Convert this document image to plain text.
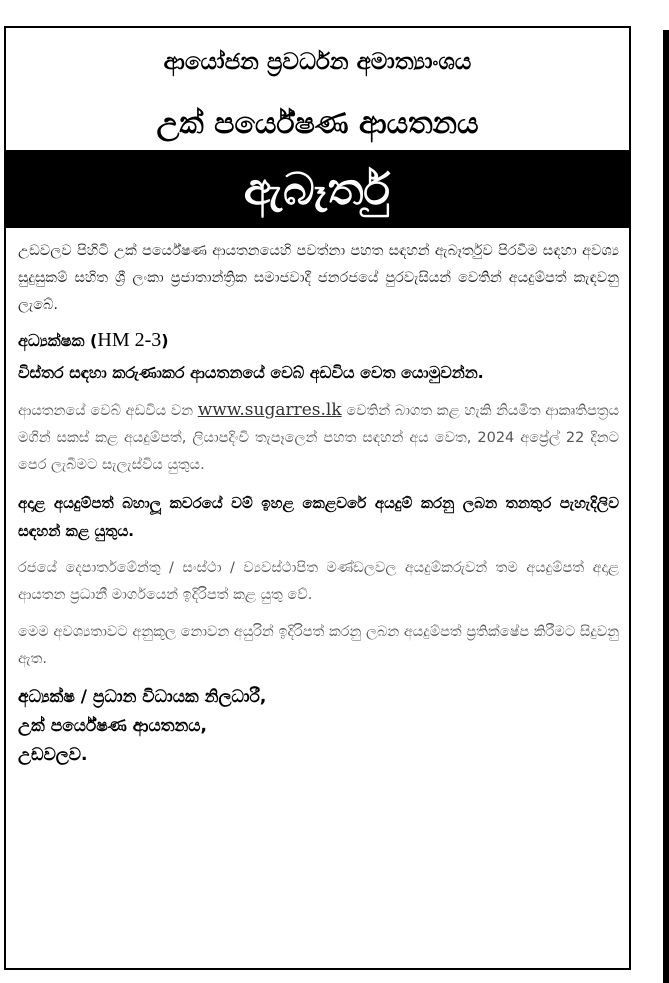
ආයෝජන ප්‍රවර්ධන අමාත්‍යාංශය
උක් පර්යේෂණ ආයතනය
ඇබෑර්තු

උඩවලව පිහිටි උක් පර්යේෂණ ආයතනයෙහි පවත්නා පහත සඳහන් ඇබෑර්තුව පිරවීම සඳහා අවශ්‍ය සුදුසුකම් සහිත ශ්‍රී ලංකා ප්‍රජාතාන්ත්‍රික සමාජවාදී ජනරජයේ පුරවැසියන් වෙතින් අයදුම්පත් කැඳවනු ලැබේ.

අධ්‍යක්ෂක (HM 2-3)

විස්තර සඳහා කරුණාකර ආයතනයේ වෙබ් අඩවිය වෙත යොමුවන්න.

ආයතනයේ වෙබ් අඩවිය වන www.sugarres.lk වෙතින් බාගත කළ හැකි නියමිත ආකෘතිපත්‍රය මගින් සකස් කළ අයදුම්පත්, ලියාපදිංචි තැපෑලෙන් පහත සඳහන් අය වෙත, 2024 අප්‍රේල් 22 දිනට පෙර ලැබීමට සැලැස්විය යුතුය.

අදාළ අයදුම්පත් බහාලූ කවරයේ වම් ඉහළ කෙළවරේ අයදුම් කරනු ලබන තනතුර පැහැදිලිව සඳහන් කළ යුතුය.

රජයේ දෙපාර්තමේන්තු / සංස්ථා / ව්‍යවස්ථාපිත මණ්ඩලවල අයදුම්කරුවන් තම අයදුම්පත් අදාළ ආයතන ප්‍රධානී මාර්ගයෙන් ඉදිරිපත් කළ යුතු වේ.

මෙම අවශ්‍යතාවට අනුකූල නොවන අයුරින් ඉදිරිපත් කරනු ලබන අයදුම්පත් ප්‍රතික්ෂේප කිරීමට සිදුවනු ඇත.

අධ්‍යක්ෂ / ප්‍රධාන විධායක නිලධාරී,
උක් පර්යේෂණ ආයතනය,
උඩවලව.
